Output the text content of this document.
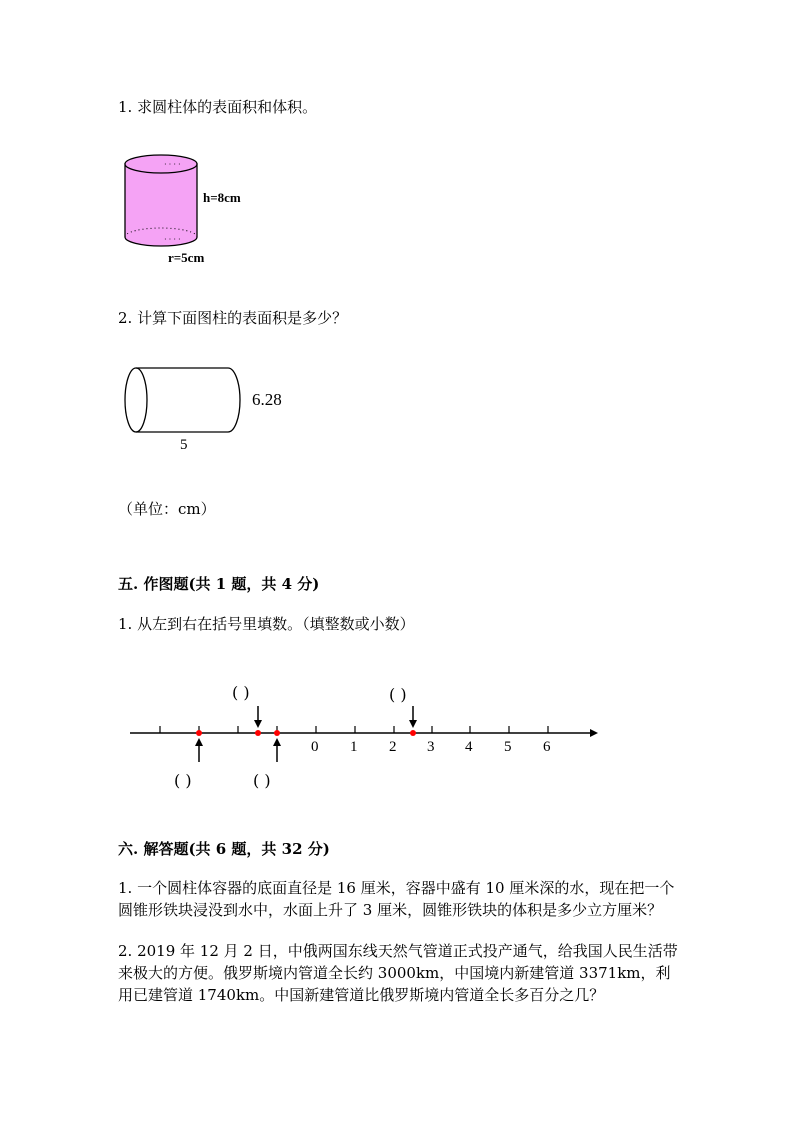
1. 求圆柱体的表面积和体积。
· · · ·
· · · ·
h=8cm
r=5cm
2. 计算下面图柱的表面积是多少？
6.28
5
（单位：cm）
五. 作图题(共 1 题，共 4 分)
1. 从左到右在括号里填数。（填整数或小数）
( )	( )
( )	( )
0 1 2 3 4 5 6
六. 解答题(共 6 题，共 32 分)
1. 一个圆柱体容器的底面直径是 16 厘米，容器中盛有 10 厘米深的水，现在把一个圆锥形铁块浸没到水中，水面上升了 3 厘米，圆锥形铁块的体积是多少立方厘米？
2. 2019 年 12 月 2 日，中俄两国东线天然气管道正式投产通气，给我国人民生活带来极大的方便。俄罗斯境内管道全长约 3000km，中国境内新建管道 3371km，利用已建管道 1740km。中国新建管道比俄罗斯境内管道全长多百分之几？
